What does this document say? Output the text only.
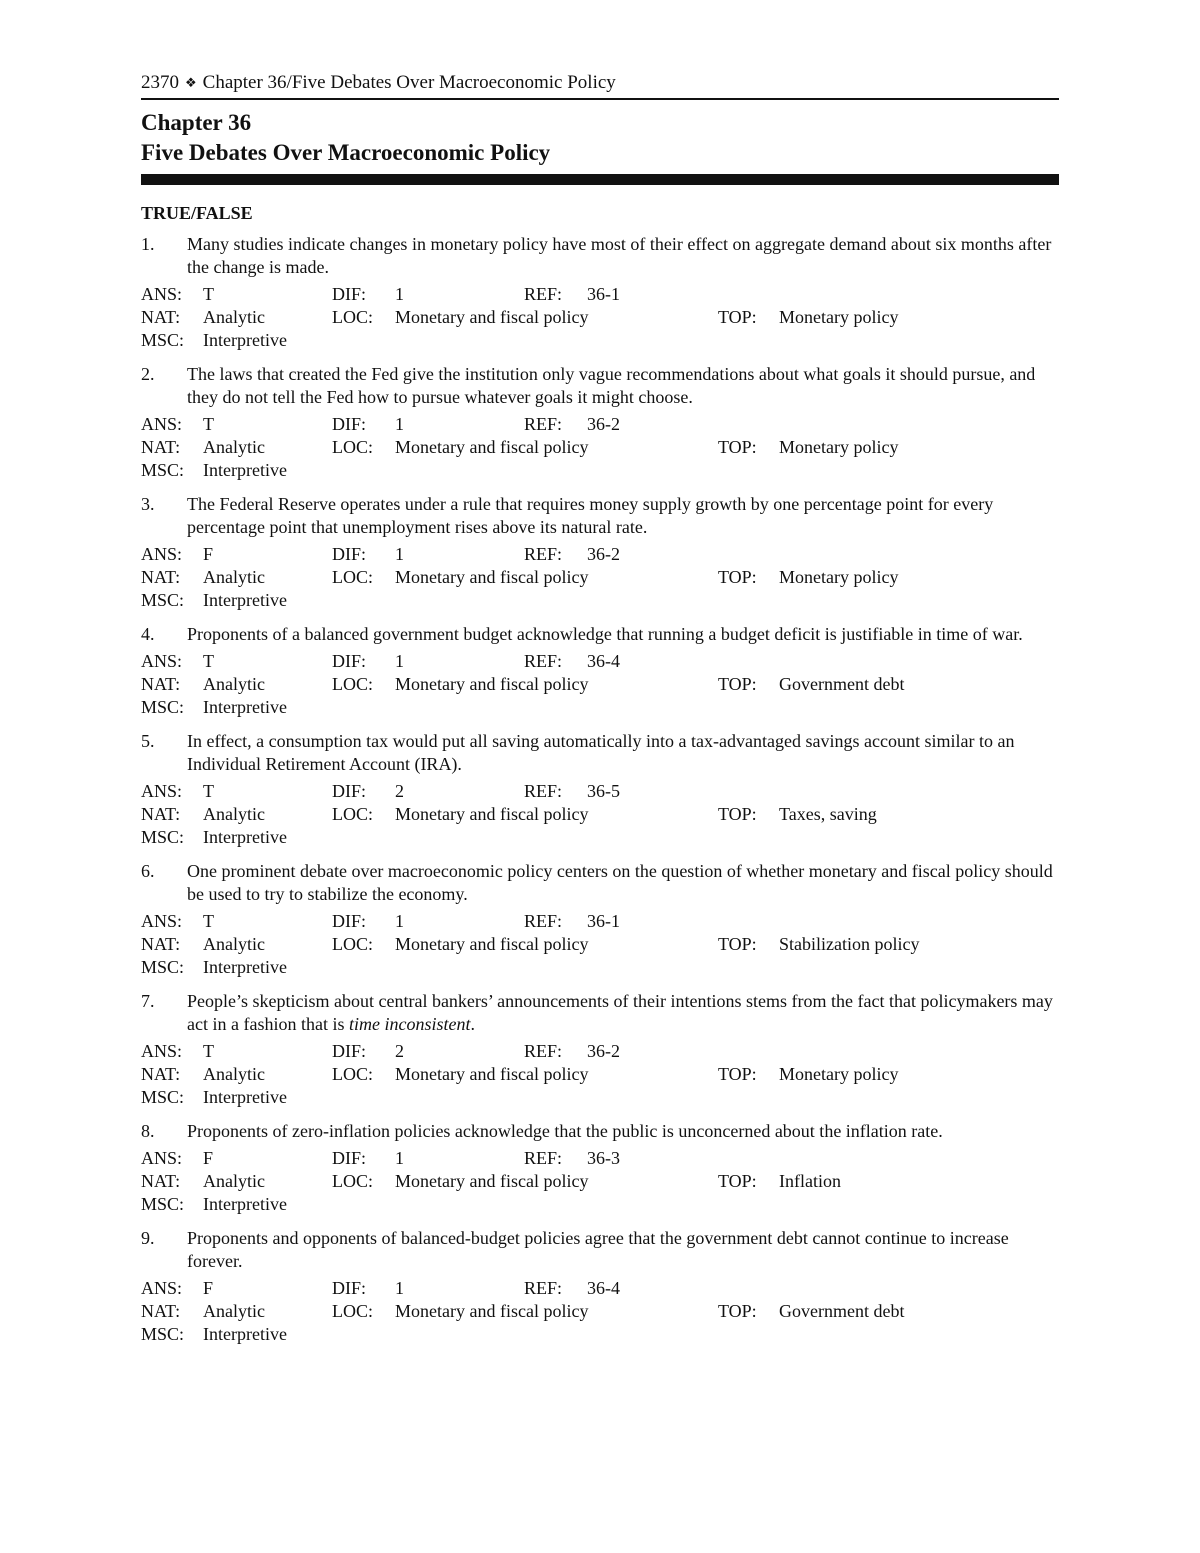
2370 ❖ Chapter 36/Five Debates Over Macroeconomic Policy
Chapter 36
Five Debates Over Macroeconomic Policy
TRUE/FALSE
1.	Many studies indicate changes in monetary policy have most of their effect on aggregate demand about six months after the change is made.
ANS: T	DIF: 1	REF: 36-1
NAT: Analytic	LOC: Monetary and fiscal policy	TOP: Monetary policy
MSC: Interpretive
2.	The laws that created the Fed give the institution only vague recommendations about what goals it should pursue, and they do not tell the Fed how to pursue whatever goals it might choose.
ANS: T	DIF: 1	REF: 36-2
NAT: Analytic	LOC: Monetary and fiscal policy	TOP: Monetary policy
MSC: Interpretive
3.	The Federal Reserve operates under a rule that requires money supply growth by one percentage point for every percentage point that unemployment rises above its natural rate.
ANS: F	DIF: 1	REF: 36-2
NAT: Analytic	LOC: Monetary and fiscal policy	TOP: Monetary policy
MSC: Interpretive
4.	Proponents of a balanced government budget acknowledge that running a budget deficit is justifiable in time of war.
ANS: T	DIF: 1	REF: 36-4
NAT: Analytic	LOC: Monetary and fiscal policy	TOP: Government debt
MSC: Interpretive
5.	In effect, a consumption tax would put all saving automatically into a tax-advantaged savings account similar to an Individual Retirement Account (IRA).
ANS: T	DIF: 2	REF: 36-5
NAT: Analytic	LOC: Monetary and fiscal policy	TOP: Taxes, saving
MSC: Interpretive
6.	One prominent debate over macroeconomic policy centers on the question of whether monetary and fiscal policy should be used to try to stabilize the economy.
ANS: T	DIF: 1	REF: 36-1
NAT: Analytic	LOC: Monetary and fiscal policy	TOP: Stabilization policy
MSC: Interpretive
7.	People’s skepticism about central bankers’ announcements of their intentions stems from the fact that policymakers may act in a fashion that is time inconsistent.
ANS: T	DIF: 2	REF: 36-2
NAT: Analytic	LOC: Monetary and fiscal policy	TOP: Monetary policy
MSC: Interpretive
8.	Proponents of zero-inflation policies acknowledge that the public is unconcerned about the inflation rate.
ANS: F	DIF: 1	REF: 36-3
NAT: Analytic	LOC: Monetary and fiscal policy	TOP: Inflation
MSC: Interpretive
9.	Proponents and opponents of balanced-budget policies agree that the government debt cannot continue to increase forever.
ANS: F	DIF: 1	REF: 36-4
NAT: Analytic	LOC: Monetary and fiscal policy	TOP: Government debt
MSC: Interpretive
